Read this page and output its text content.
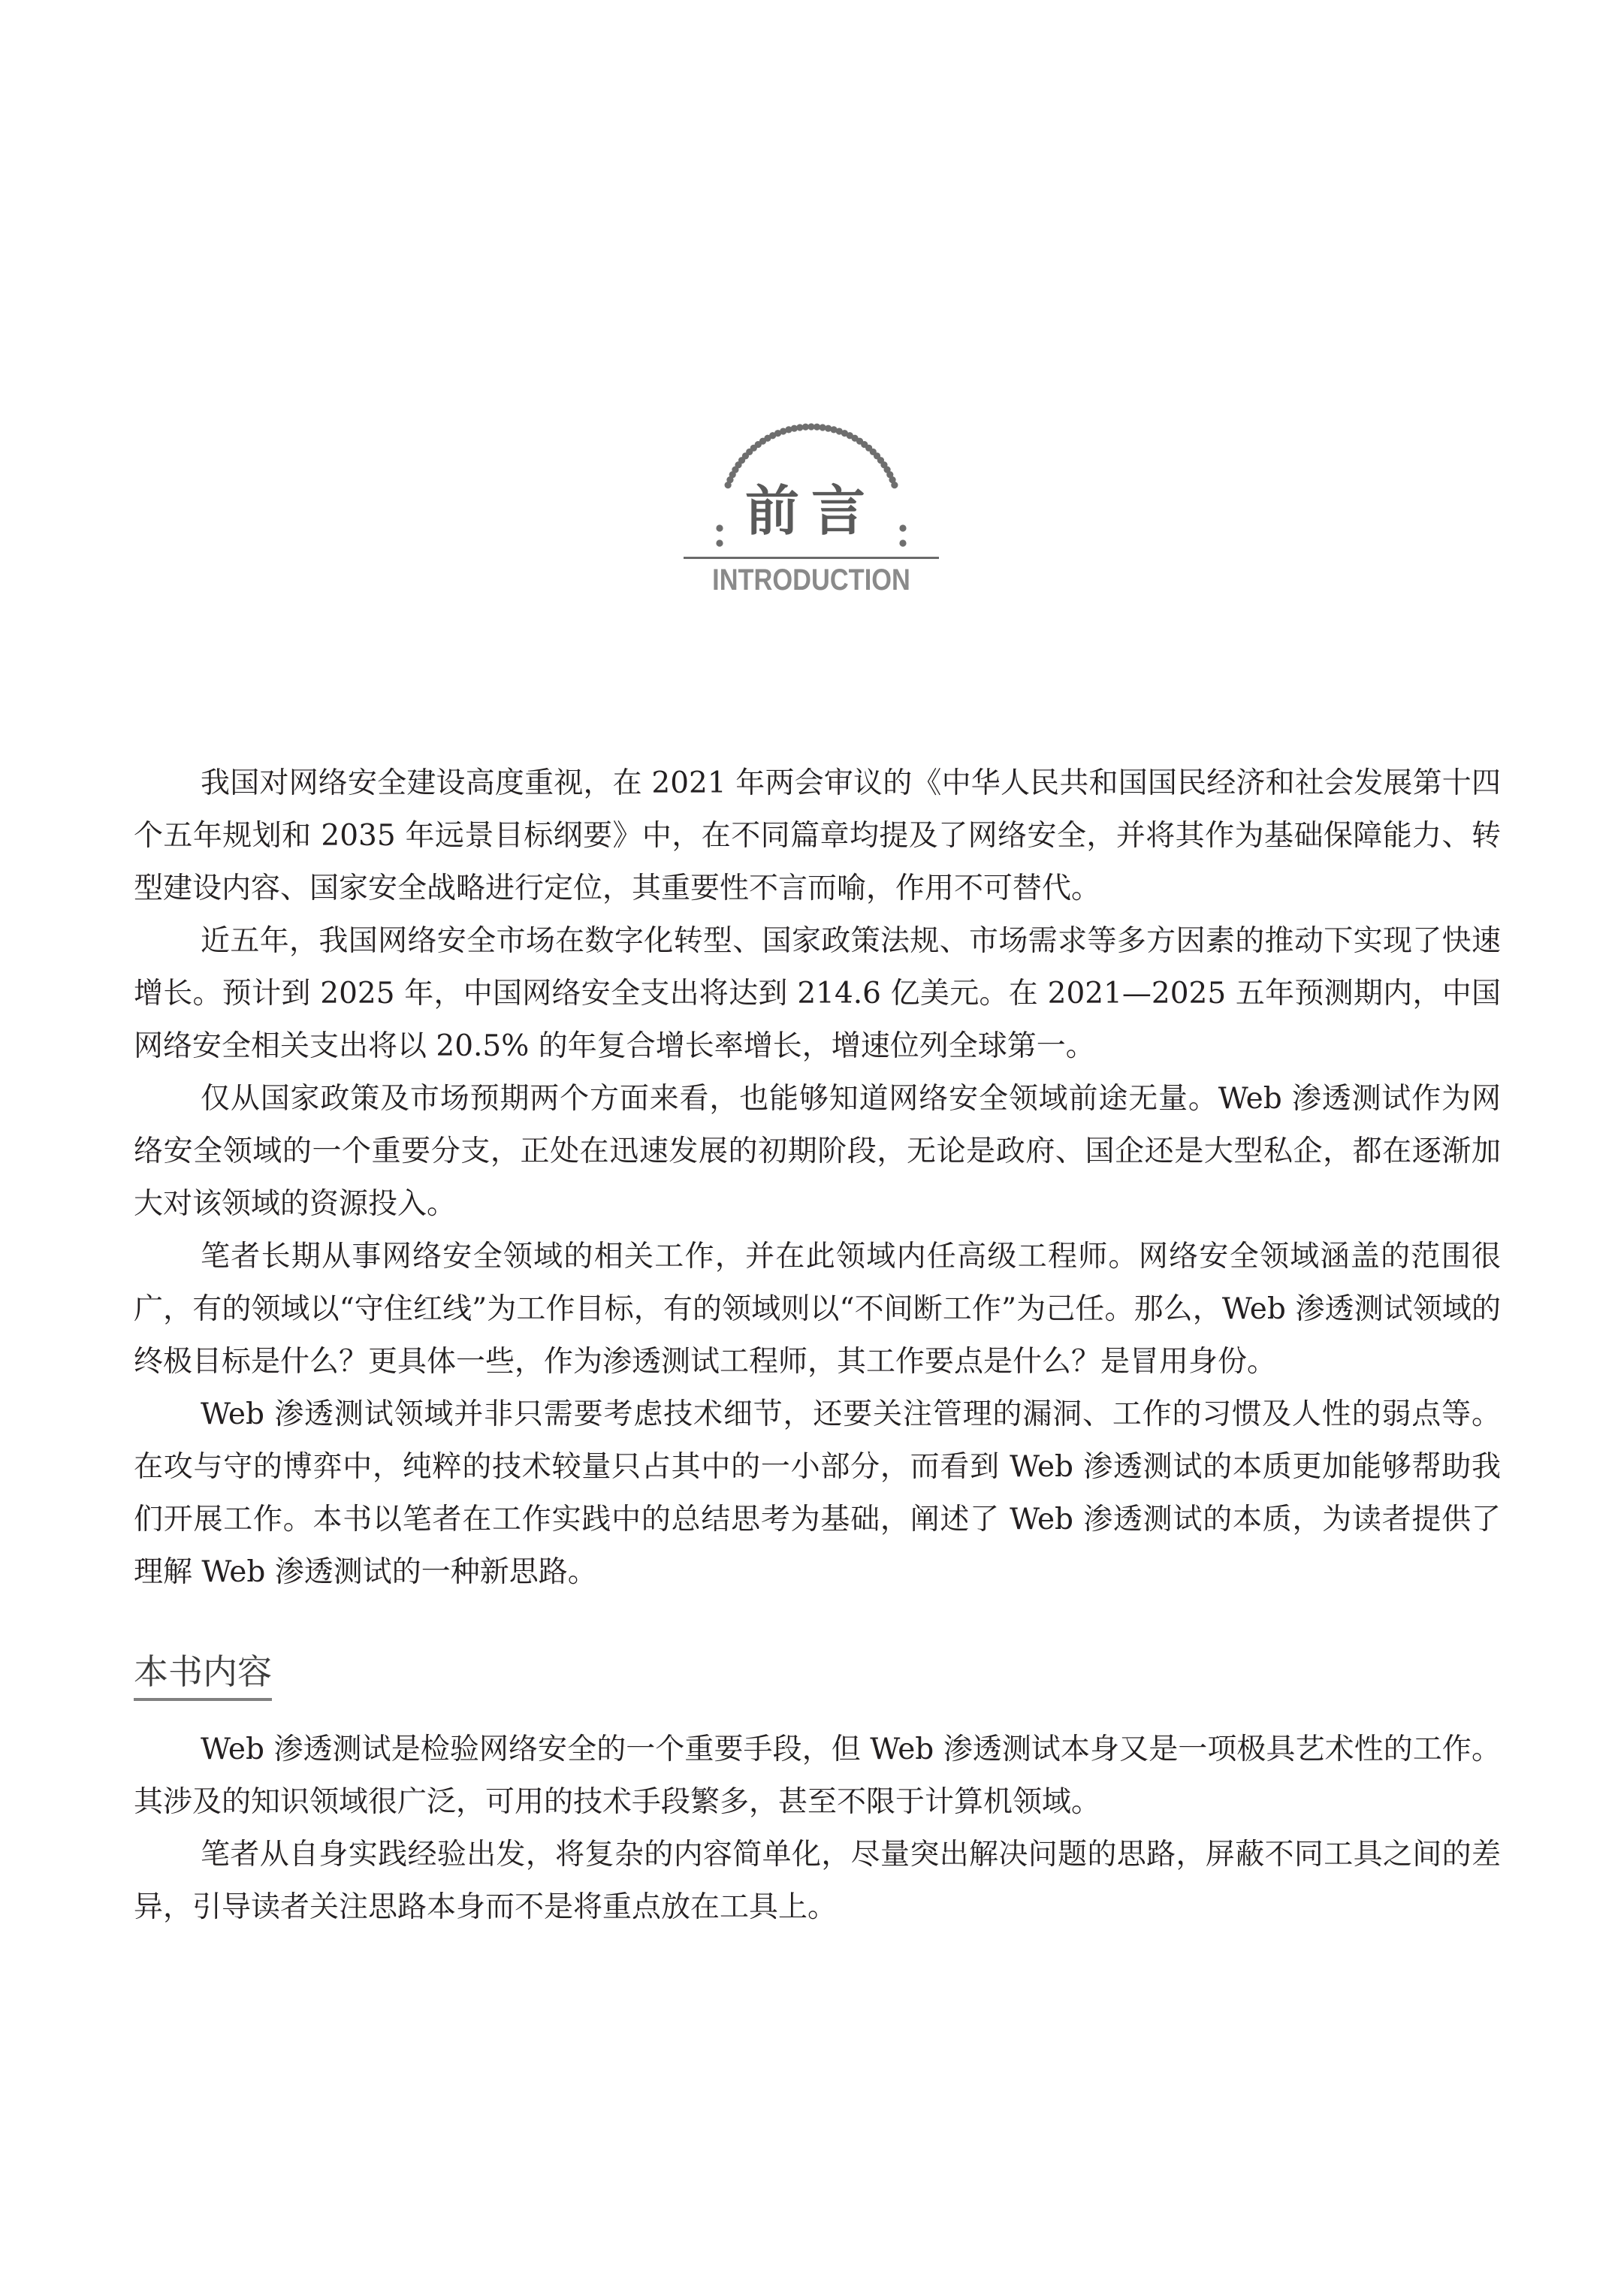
前言
INTRODUCTION

我国对网络安全建设高度重视，在 2021 年两会审议的《中华人民共和国国民经济和社会发展第十四个五年规划和 2035 年远景目标纲要》中，在不同篇章均提及了网络安全，并将其作为基础保障能力、转型建设内容、国家安全战略进行定位，其重要性不言而喻，作用不可替代。

近五年，我国网络安全市场在数字化转型、国家政策法规、市场需求等多方因素的推动下实现了快速增长。预计到 2025 年，中国网络安全支出将达到 214.6 亿美元。在 2021—2025 五年预测期内，中国网络安全相关支出将以 20.5% 的年复合增长率增长，增速位列全球第一。

仅从国家政策及市场预期两个方面来看，也能够知道网络安全领域前途无量。Web 渗透测试作为网络安全领域的一个重要分支，正处在迅速发展的初期阶段，无论是政府、国企还是大型私企，都在逐渐加大对该领域的资源投入。

笔者长期从事网络安全领域的相关工作，并在此领域内任高级工程师。网络安全领域涵盖的范围很广，有的领域以“守住红线”为工作目标，有的领域则以“不间断工作”为己任。那么，Web 渗透测试领域的终极目标是什么？更具体一些，作为渗透测试工程师，其工作要点是什么？是冒用身份。

Web 渗透测试领域并非只需要考虑技术细节，还要关注管理的漏洞、工作的习惯及人性的弱点等。在攻与守的博弈中，纯粹的技术较量只占其中的一小部分，而看到 Web 渗透测试的本质更加能够帮助我们开展工作。本书以笔者在工作实践中的总结思考为基础，阐述了 Web 渗透测试的本质，为读者提供了理解 Web 渗透测试的一种新思路。

本书内容

Web 渗透测试是检验网络安全的一个重要手段，但 Web 渗透测试本身又是一项极具艺术性的工作。其涉及的知识领域很广泛，可用的技术手段繁多，甚至不限于计算机领域。

笔者从自身实践经验出发，将复杂的内容简单化，尽量突出解决问题的思路，屏蔽不同工具之间的差异，引导读者关注思路本身而不是将重点放在工具上。
